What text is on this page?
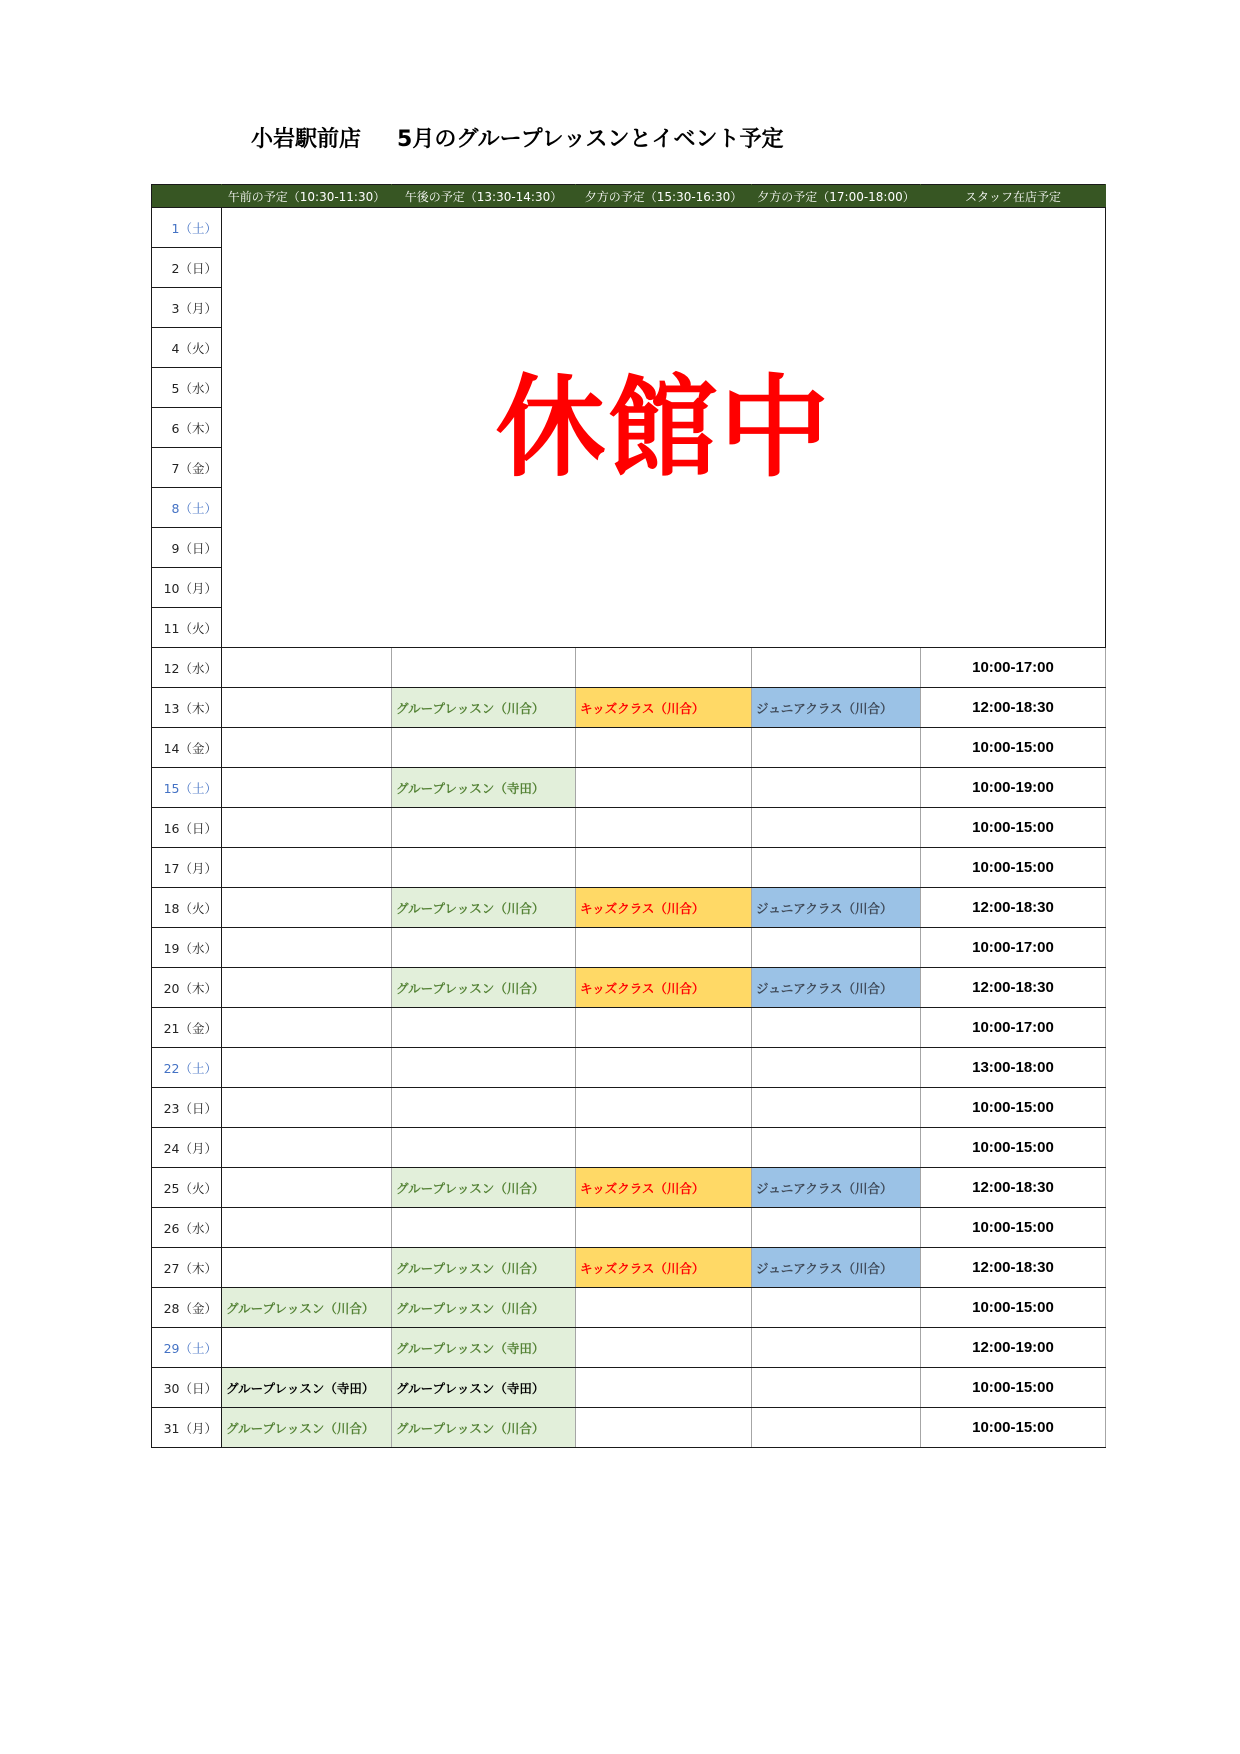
小岩駅前店 5月のグループレッスンとイベント予定
	午前の予定（10:30-11:30）	午後の予定（13:30-14:30）	夕方の予定（15:30-16:30）	夕方の予定（17:00-18:00）	スタッフ在店予定
1（土）	休館中				
2（日）					
3（月）					
4（火）					
5（水）					
6（木）					
7（金）					
8（土）					
9（日）					
10（月）					
11（火）					
12（水）					10:00-17:00
13（木）		グループレッスン（川合）	キッズクラス（川合）	ジュニアクラス（川合）	12:00-18:30
14（金）					10:00-15:00
15（土）		グループレッスン（寺田）			10:00-19:00
16（日）					10:00-15:00
17（月）					10:00-15:00
18（火）		グループレッスン（川合）	キッズクラス（川合）	ジュニアクラス（川合）	12:00-18:30
19（水）					10:00-17:00
20（木）		グループレッスン（川合）	キッズクラス（川合）	ジュニアクラス（川合）	12:00-18:30
21（金）					10:00-17:00
22（土）					13:00-18:00
23（日）					10:00-15:00
24（月）					10:00-15:00
25（火）		グループレッスン（川合）	キッズクラス（川合）	ジュニアクラス（川合）	12:00-18:30
26（水）					10:00-15:00
27（木）		グループレッスン（川合）	キッズクラス（川合）	ジュニアクラス（川合）	12:00-18:30
28（金）	グループレッスン（川合）	グループレッスン（川合）			10:00-15:00
29（土）		グループレッスン（寺田）			12:00-19:00
30（日）	グループレッスン（寺田）	グループレッスン（寺田）			10:00-15:00
31（月）	グループレッスン（川合）	グループレッスン（川合）			10:00-15:00
